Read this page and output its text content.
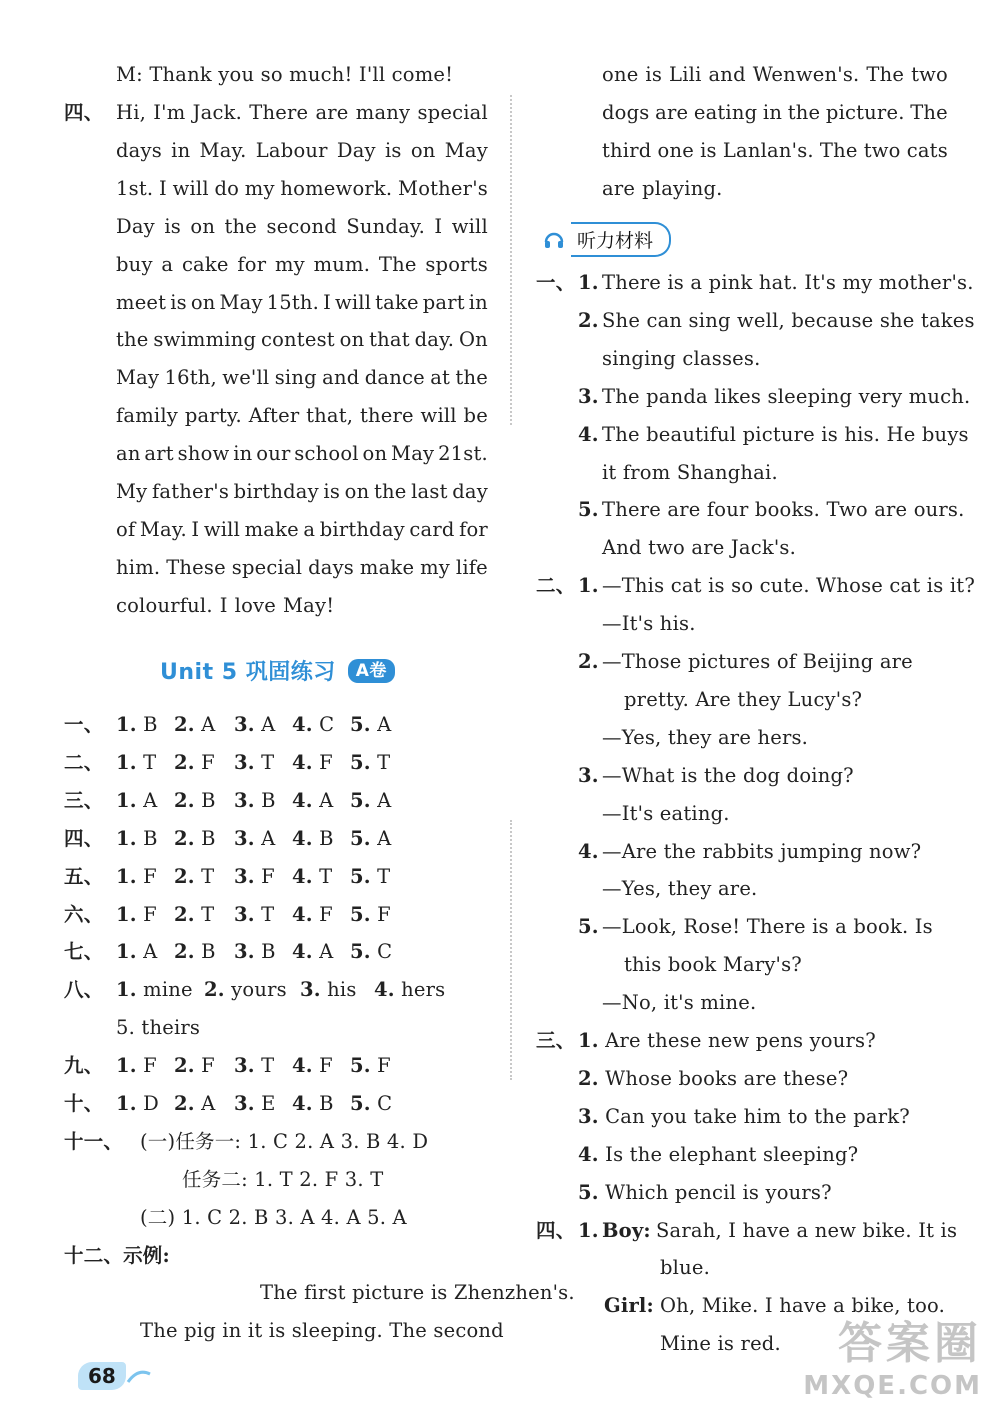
M: Thank you so much! I'll come!
四、 Hi, I'm Jack. There are many special
days in May. Labour Day is on May
1st. I will do my homework. Mother's
Day is on the second Sunday. I will
buy a cake for my mum. The sports
meet is on May 15th. I will take part in
the swimming contest on that day. On
May 16th, we'll sing and dance at the
family party. After that, there will be
an art show in our school on May 21st.
My father's birthday is on the last day
of May. I will make a birthday card for
him. These special days make my life
colourful. I love May!
Unit 5 巩固练习	A卷
一、 1. B 2. A 3. A 4. C 5. A
二、 1. T 2. F 3. T 4. F 5. T
三、 1. A 2. B 3. B 4. A 5. A
四、 1. B 2. B 3. A 4. B 5. A
五、 1. F 2. T 3. F 4. T 5. T
六、 1. F 2. T 3. T 4. F 5. F
七、 1. A 2. B 3. B 4. A 5. C
八、 1. mine 2. yours 3. his 4. hers
5. theirs
九、 1. F 2. F 3. T 4. F 5. F
十、 1. D 2. A 3. E 4. B 5. C
十一、 (一)任务一: 1. C 2. A 3. B 4. D
任务二: 1. T 2. F 3. T
(二) 1. C 2. B 3. A 4. A 5. A
十二、示例:
The first picture is Zhenzhen's.
The pig in it is sleeping. The second
one is Lili and Wenwen's. The two
dogs are eating in the picture. The
third one is Lanlan's. The two cats
are playing.
一、 1. There is a pink hat. It's my mother's.
2. She can sing well, because she takes
singing classes.
3. The panda likes sleeping very much.
4. The beautiful picture is his. He buys
it from Shanghai.
5. There are four books. Two are ours.
And two are Jack's.
二、 1. —This cat is so cute. Whose cat is it?
—It's his.
2. —Those pictures of Beijing are
pretty. Are they Lucy's?
—Yes, they are hers.
3. —What is the dog doing?
—It's eating.
4. —Are the rabbits jumping now?
—Yes, they are.
5. —Look, Rose! There is a book. Is
this book Mary's?
—No, it's mine.
三、 1. Are these new pens yours?
2. Whose books are these?
3. Can you take him to the park?
4. Is the elephant sleeping?
5. Which pencil is yours?
四、 1. Boy: Sarah, I have a new bike. It is
blue.
Girl: Oh, Mike. I have a bike, too.
Mine is red.
听力材料
68
答案圈
MXQE.COM
